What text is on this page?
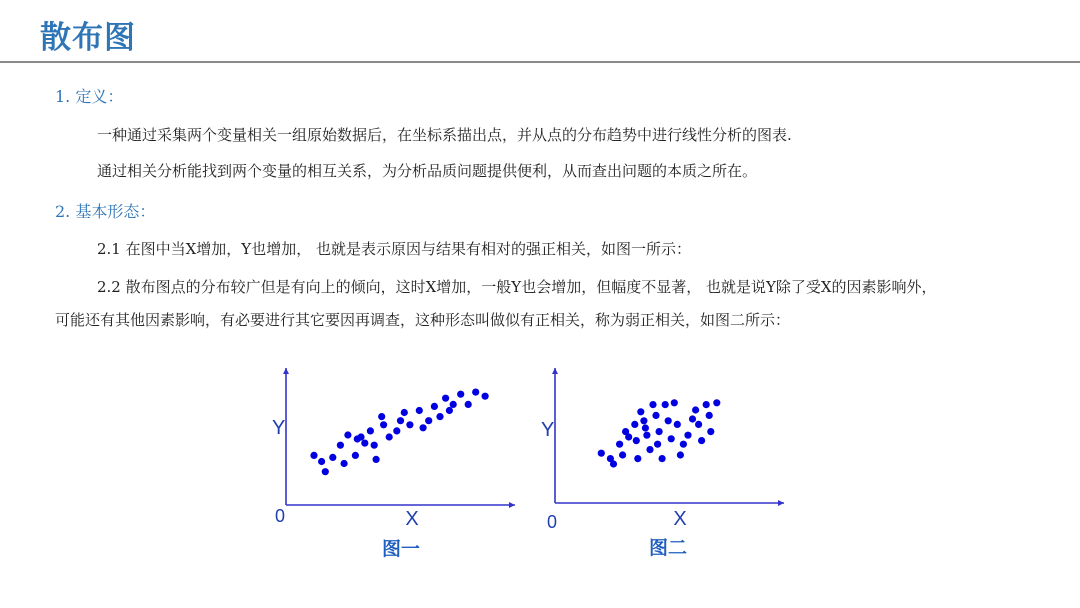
散布图
1. 定义：
一种通过采集两个变量相关一组原始数据后，在坐标系描出点，并从点的分布趋势中进行线性分析的图表.
通过相关分析能找到两个变量的相互关系，为分析品质问题提供便利，从而查出问题的本质之所在。
2. 基本形态：
2.1 在图中当X增加，Y也增加， 也就是表示原因与结果有相对的强正相关，如图一所示：
2.2 散布图点的分布较广但是有向上的倾向，这时X增加，一般Y也会增加，但幅度不显著， 也就是说Y除了受X的因素影响外，
可能还有其他因素影响，有必要进行其它要因再调查，这种形态叫做似有正相关，称为弱正相关，如图二所示：
Y
0	X
图一
Y
0	X
图二
